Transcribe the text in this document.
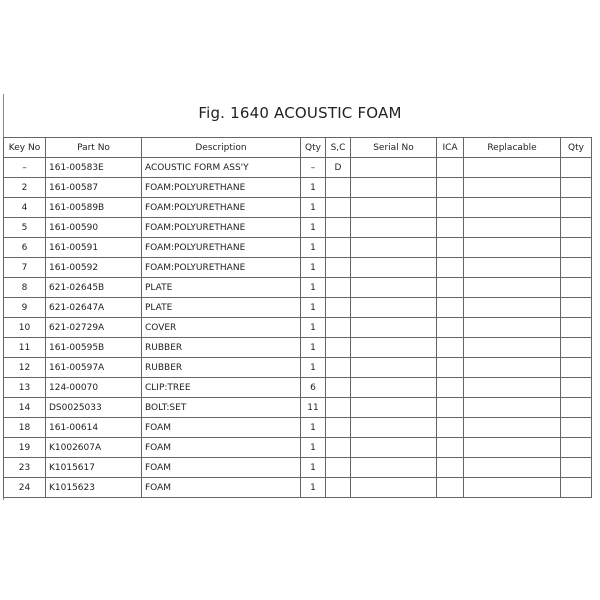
Fig. 1640 ACOUSTIC FOAM
Key No	Part No	Description	Qty	S,C	Serial No	ICA	Replacable	Qty
–	161-00583E	ACOUSTIC FORM ASS'Y	–	D				
2	161-00587	FOAM:POLYURETHANE	1					
4	161-00589B	FOAM:POLYURETHANE	1					
5	161-00590	FOAM:POLYURETHANE	1					
6	161-00591	FOAM:POLYURETHANE	1					
7	161-00592	FOAM:POLYURETHANE	1					
8	621-02645B	PLATE	1					
9	621-02647A	PLATE	1					
10	621-02729A	COVER	1					
11	161-00595B	RUBBER	1					
12	161-00597A	RUBBER	1					
13	124-00070	CLIP:TREE	6					
14	DS0025033	BOLT:SET	11					
18	161-00614	FOAM	1					
19	K1002607A	FOAM	1					
23	K1015617	FOAM	1					
24	K1015623	FOAM	1					
